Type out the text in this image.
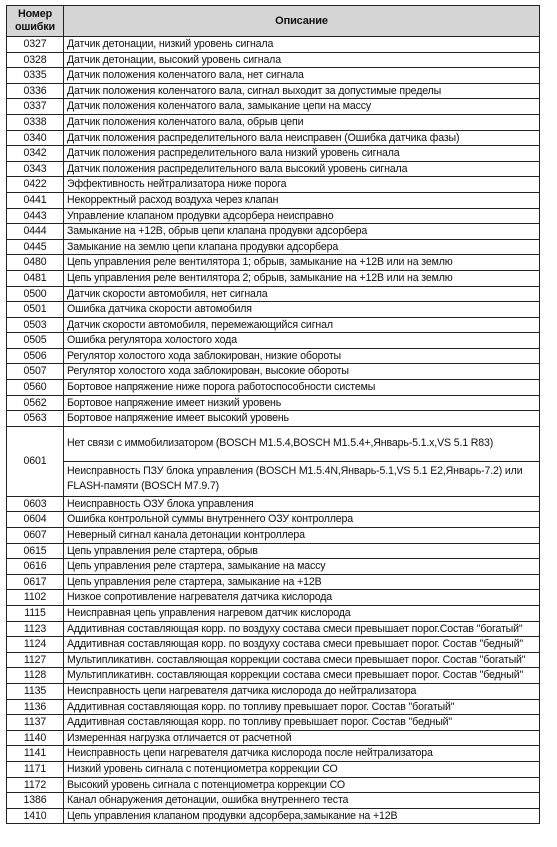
Номер ошибки	Описание
0327	Датчик детонации, низкий уровень сигнала
0328	Датчик детонации, высокий уровень сигнала
0335	Датчик положения коленчатого вала, нет сигнала
0336	Датчик положения коленчатого вала, сигнал выходит за допустимые пределы
0337	Датчик положения коленчатого вала, замыкание цепи на массу
0338	Датчик положения коленчатого вала, обрыв цепи
0340	Датчик положения распределительного вала неисправен (Ошибка датчика фазы)
0342	Датчик положения распределительного вала низкий уровень сигнала
0343	Датчик положения распределительного вала высокий уровень сигнала
0422	Эффективность нейтрализатора ниже порога
0441	Некорректный расход воздуха через клапан
0443	Управление клапаном продувки адсорбера неисправно
0444	Замыкание на +12В, обрыв цепи клапана продувки адсорбера
0445	Замыкание на землю цепи клапана продувки адсорбера
0480	Цепь управления реле вентилятора 1; обрыв, замыкание на +12В или на землю
0481	Цепь управления реле вентилятора 2; обрыв, замыкание на +12В или на землю
0500	Датчик скорости автомобиля, нет сигнала
0501	Ошибка датчика скорости автомобиля
0503	Датчик скорости автомобиля, перемежающийся сигнал
0505	Ошибка регулятора холостого хода
0506	Регулятор холостого хода заблокирован, низкие обороты
0507	Регулятор холостого хода заблокирован, высокие обороты
0560	Бортовое напряжение ниже порога работоспособности системы
0562	Бортовое напряжение имеет низкий уровень
0563	Бортовое напряжение имеет высокий уровень
0601	Нет связи с иммобилизатором (BOSCH M1.5.4,BOSCH M1.5.4+,Январь-5.1.x,VS 5.1 R83)
	Неисправность ПЗУ блока управления (BOSCH M1.5.4N,Январь-5.1,VS 5.1 E2,Январь-7.2) или FLASH-памяти (BOSCH M7.9.7)
0603	Неисправность ОЗУ блока управления
0604	Ошибка контрольной суммы внутреннего ОЗУ контроллера
0607	Неверный сигнал канала детонации контроллера
0615	Цепь управления реле стартера, обрыв
0616	Цепь управления реле стартера, замыкание на массу
0617	Цепь управления реле стартера, замыкание на +12В
1102	Низкое сопротивление нагревателя датчика кислорода
1115	Неисправная цепь управления нагревом датчик кислорода
1123	Аддитивная составляющая корр. по воздуху состава смеси превышает порог.Состав "богатый"
1124	Аддитивная составляющая корр. по воздуху состава смеси превышает порог. Состав "бедный"
1127	Мультипликативн. составляющая коррекции состава смеси превышает порог. Состав "богатый"
1128	Мультипликативн. составляющая коррекции состава смеси превышает порог. Состав "бедный"
1135	Неисправность цепи нагревателя датчика кислорода до нейтрализатора
1136	Аддитивная составляющая корр. по топливу превышает порог. Состав "богатый"
1137	Аддитивная составляющая корр. по топливу превышает порог. Состав "бедный"
1140	Измеренная нагрузка отличается от расчетной
1141	Неисправность цепи нагревателя датчика кислорода после нейтрализатора
1171	Низкий уровень сигнала с потенциометра коррекции СО
1172	Высокий уровень сигнала с потенциометра коррекции СО
1386	Канал обнаружения детонации, ошибка внутреннего теста
1410	Цепь управления клапаном продувки адсорбера,замыкание на +12В
